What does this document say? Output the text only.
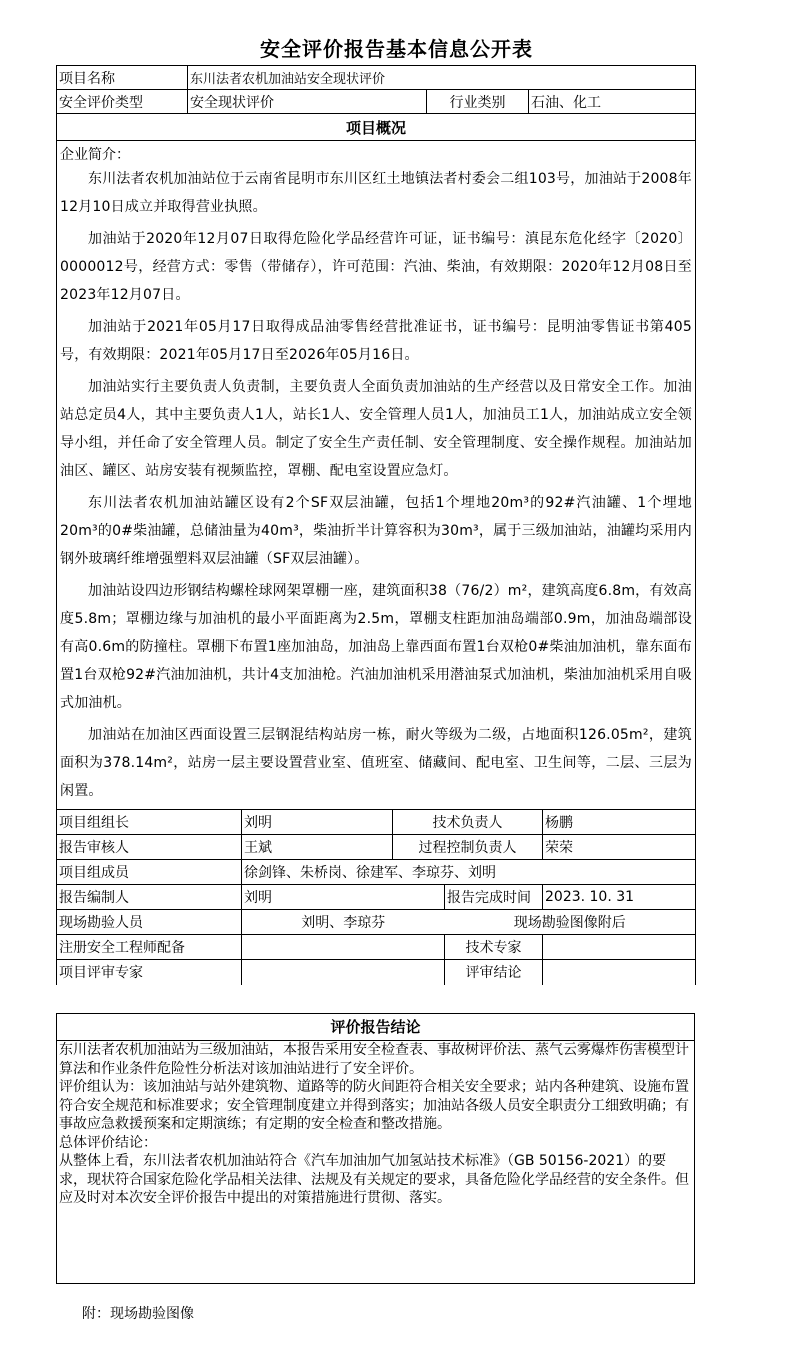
安全评价报告基本信息公开表
项目名称	东川法者农机加油站安全现状评价		
安全评价类型	安全现状评价	行业类别	石油、化工
项目概况			

企业简介：

东川法者农机加油站位于云南省昆明市东川区红土地镇法者村委会二组103号，加油站于2008年12月10日成立并取得营业执照。

加油站于2020年12月07日取得危险化学品经营许可证，证书编号：滇昆东危化经字〔2020〕0000012号，经营方式：零售（带储存），许可范围：汽油、柴油，有效期限：2020年12月08日至2023年12月07日。

加油站于2021年05月17日取得成品油零售经营批准证书，证书编号：昆明油零售证书第405号，有效期限：2021年05月17日至2026年05月16日。

加油站实行主要负责人负责制，主要负责人全面负责加油站的生产经营以及日常安全工作。加油站总定员4人，其中主要负责人1人，站长1人、安全管理人员1人，加油员工1人，加油站成立安全领导小组，并任命了安全管理人员。制定了安全生产责任制、安全管理制度、安全操作规程。加油站加油区、罐区、站房安装有视频监控，罩棚、配电室设置应急灯。

东川法者农机加油站罐区设有2个SF双层油罐，包括1个埋地20m³的92#汽油罐、1个埋地20m³的0#柴油罐，总储油量为40m³，柴油折半计算容积为30m³，属于三级加油站，油罐均采用内钢外玻璃纤维增强塑料双层油罐（SF双层油罐）。

加油站设四边形钢结构螺栓球网架罩棚一座，建筑面积38（76/2）m²，建筑高度6.8m，有效高度5.8m；罩棚边缘与加油机的最小平面距离为2.5m，罩棚支柱距加油岛端部0.9m，加油岛端部设有高0.6m的防撞柱。罩棚下布置1座加油岛，加油岛上靠西面布置1台双枪0#柴油加油机，靠东面布置1台双枪92#汽油加油机，共计4支加油枪。汽油加油机采用潜油泵式加油机，柴油加油机采用自吸式加油机。

加油站在加油区西面设置三层钢混结构站房一栋，耐火等级为二级，占地面积126.05m²，建筑面积为378.14m²，站房一层主要设置营业室、值班室、储藏间、配电室、卫生间等，二层、三层为闲置。

项目组组长	刘明	技术负责人		杨鹏
报告审核人	王斌	过程控制负责人		荣荣
项目组成员	徐剑锋、朱桥岗、徐建军、李琼芬、刘明			
报告编制人	刘明		报告完成时间	2023. 10. 31
现场勘验人员	刘明、李琼芬		现场勘验图像附后	
注册安全工程师配备			技术专家	
项目评审专家			评审结论	
评价报告结论
东川法者农机加油站为三级加油站，本报告采用安全检查表、事故树评价法、蒸气云雾爆炸伤害模型计算法和作业条件危险性分析法对该加油站进行了安全评价。
评价组认为：该加油站与站外建筑物、道路等的防火间距符合相关安全要求；站内各种建筑、设施布置符合安全规范和标准要求；安全管理制度建立并得到落实；加油站各级人员安全职责分工细致明确；有事故应急救援预案和定期演练；有定期的安全检查和整改措施。
总体评价结论：
从整体上看，东川法者农机加油站符合《汽车加油加气加氢站技术标准》（GB 50156-2021）的要求，现状符合国家危险化学品相关法律、法规及有关规定的要求，具备危险化学品经营的安全条件。但应及时对本次安全评价报告中提出的对策措施进行贯彻、落实。
附：现场勘验图像
